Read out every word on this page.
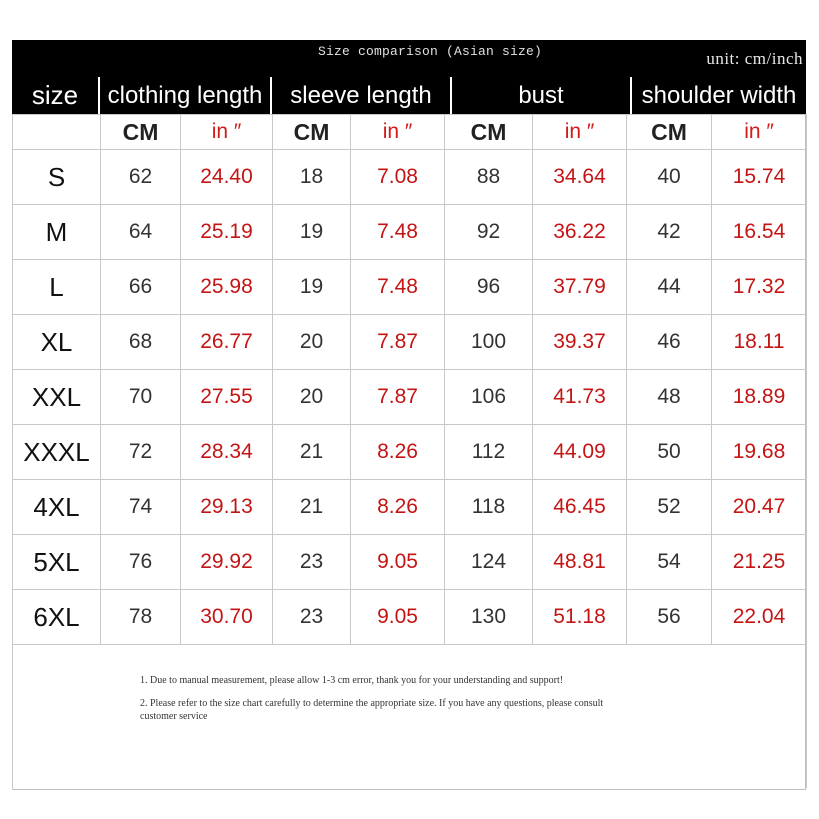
Size comparison (Asian size)	unit: cm/inch
size	clothing length	sleeve length	bust	shoulder width
	CM	in ″	CM	in ″	CM	in ″	CM	in ″
S	62	24.40	18	7.08	88	34.64	40	15.74
M	64	25.19	19	7.48	92	36.22	42	16.54
L	66	25.98	19	7.48	96	37.79	44	17.32
XL	68	26.77	20	7.87	100	39.37	46	18.11
XXL	70	27.55	20	7.87	106	41.73	48	18.89
XXXL	72	28.34	21	8.26	112	44.09	50	19.68
4XL	74	29.13	21	8.26	118	46.45	52	20.47
5XL	76	29.92	23	9.05	124	48.81	54	21.25
6XL	78	30.70	23	9.05	130	51.18	56	22.04

1. Due to manual measurement, please allow 1-3 cm error, thank you for your understanding and support!

2. Please refer to the size chart carefully to determine the appropriate size. If you have any questions, please consult customer service
